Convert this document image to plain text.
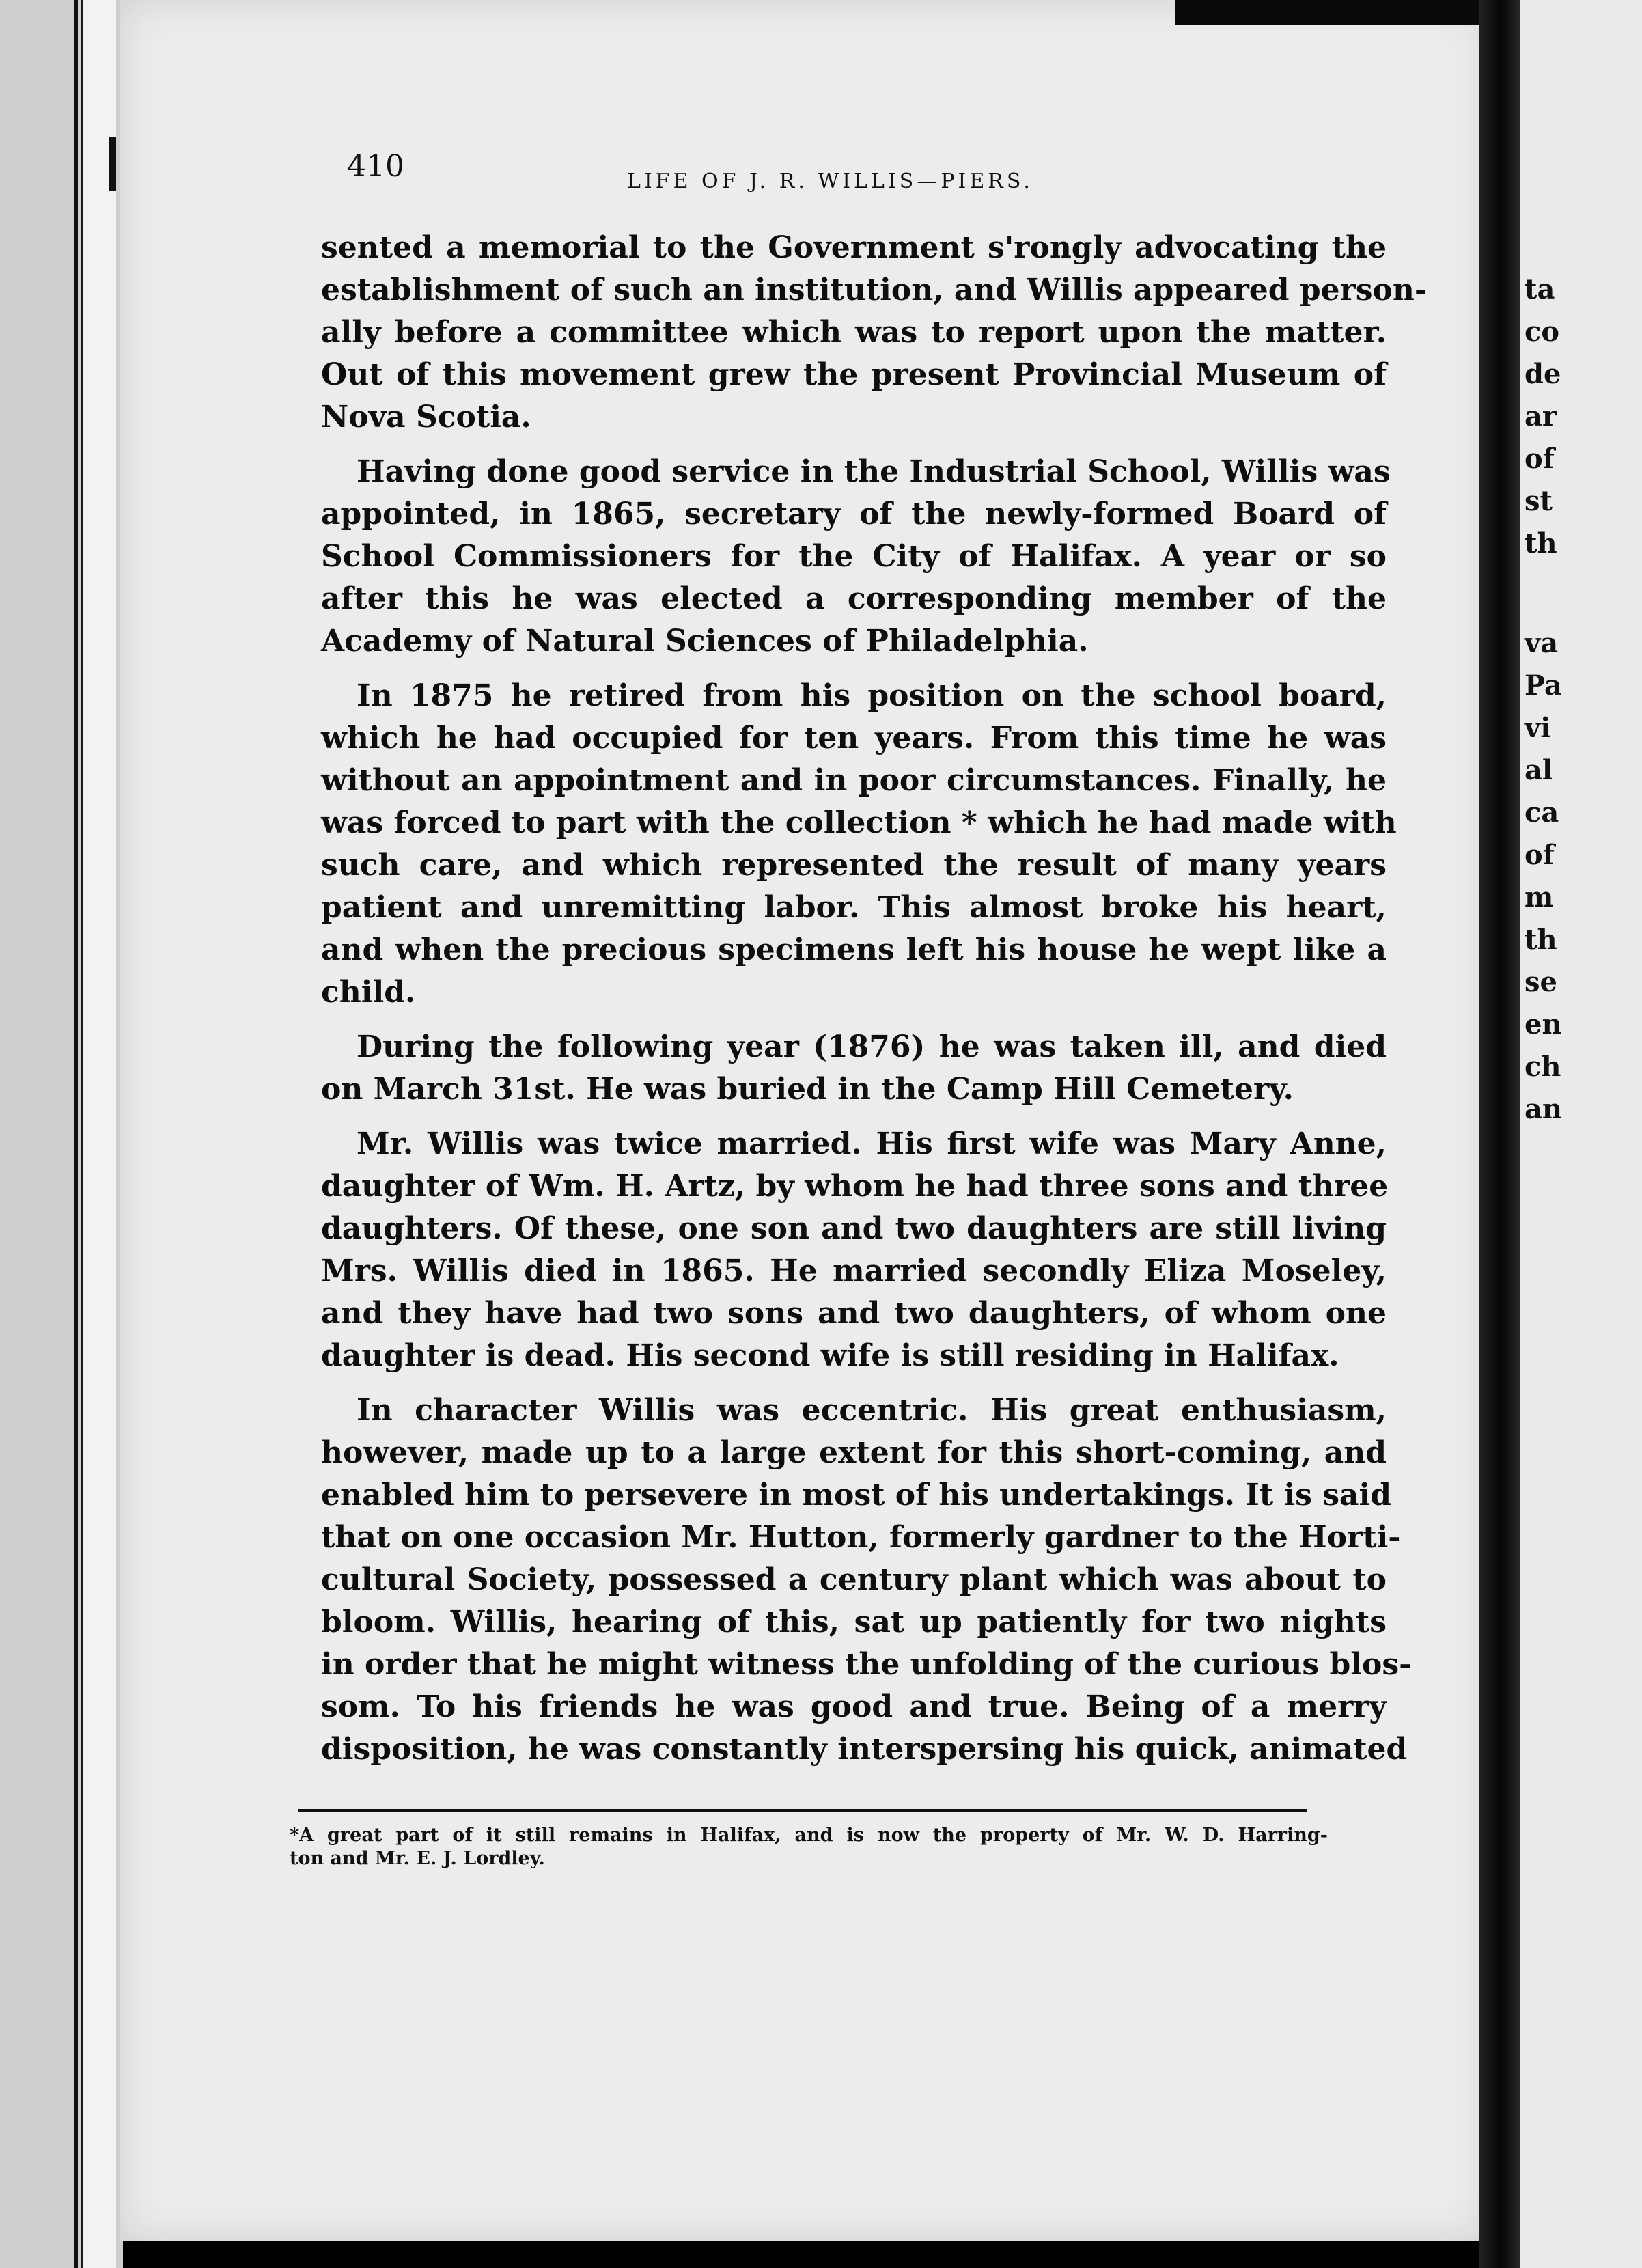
ta
co
de
ar
of
st
th
va
Pa
vi
al
ca
of
m
th
se
en
ch
an

410	LIFE OF J. R. WILLIS—PIERS.

sented a memorial to the Government s'rongly advocating the
establishment of such an institution, and Willis appeared person-
ally before a committee which was to report upon the matter.
Out of this movement grew the present Provincial Museum of
Nova Scotia.

Having done good service in the Industrial School, Willis was
appointed, in 1865, secretary of the newly-formed Board of
School Commissioners for the City of Halifax. A year or so
after this he was elected a corresponding member of the
Academy of Natural Sciences of Philadelphia.

In 1875 he retired from his position on the school board,
which he had occupied for ten years. From this time he was
without an appointment and in poor circumstances. Finally, he
was forced to part with the collection * which he had made with
such care, and which represented the result of many years
patient and unremitting labor. This almost broke his heart,
and when the precious specimens left his house he wept like a
child.

During the following year (1876) he was taken ill, and died
on March 31st. He was buried in the Camp Hill Cemetery.

Mr. Willis was twice married. His first wife was Mary Anne,
daughter of Wm. H. Artz, by whom he had three sons and three
daughters. Of these, one son and two daughters are still living
Mrs. Willis died in 1865. He married secondly Eliza Moseley,
and they have had two sons and two daughters, of whom one
daughter is dead. His second wife is still residing in Halifax.

In character Willis was eccentric. His great enthusiasm,
however, made up to a large extent for this short-coming, and
enabled him to persevere in most of his undertakings. It is said
that on one occasion Mr. Hutton, formerly gardner to the Horti-
cultural Society, possessed a century plant which was about to
bloom. Willis, hearing of this, sat up patiently for two nights
in order that he might witness the unfolding of the curious blos-
som. To his friends he was good and true. Being of a merry
disposition, he was constantly interspersing his quick, animated

*A great part of it still remains in Halifax, and is now the property of Mr. W. D. Harring-
ton and Mr. E. J. Lordley.
